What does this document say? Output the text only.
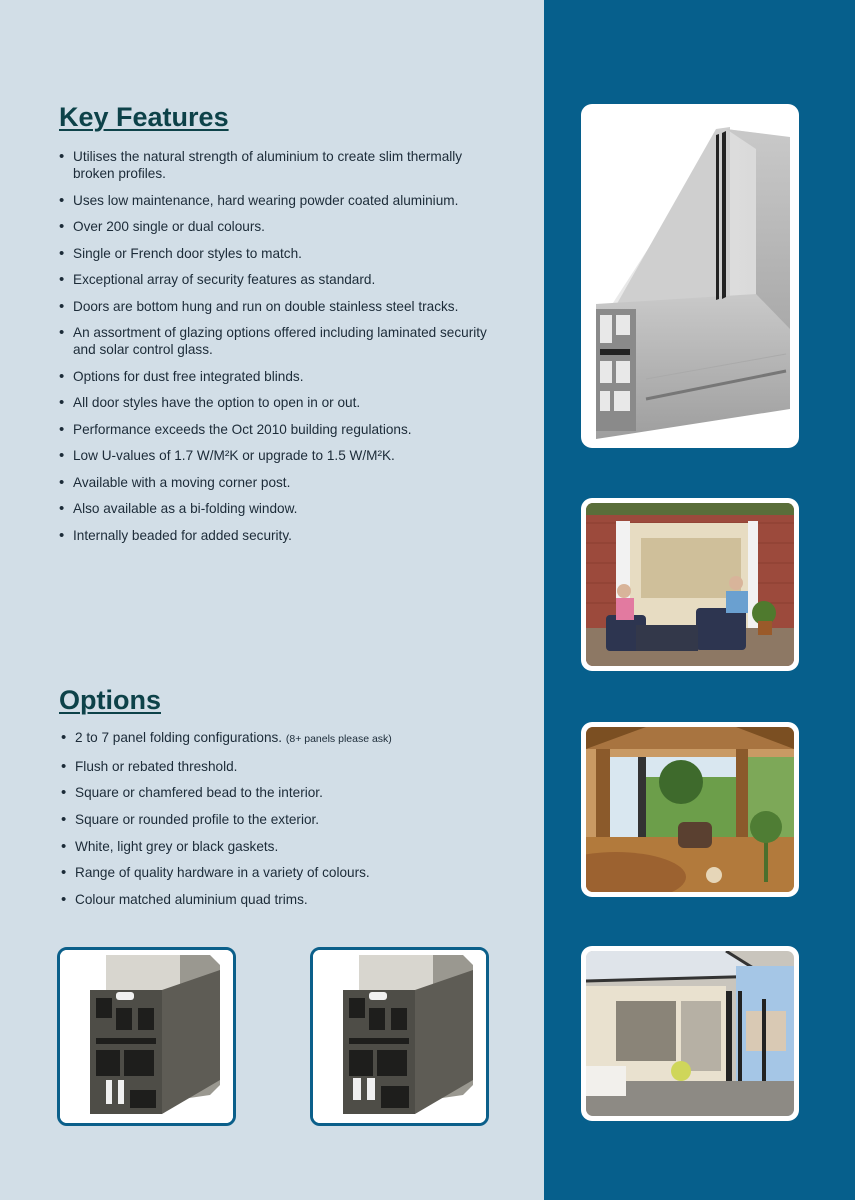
Key Features
• Utilises the natural strength of aluminium to create slim thermally broken profiles.
• Uses low maintenance, hard wearing powder coated aluminium.
• Over 200 single or dual colours.
• Single or French door styles to match.
• Exceptional array of security features as standard.
• Doors are bottom hung and run on double stainless steel tracks.
• An assortment of glazing options offered including laminated security and solar control glass.
• Options for dust free integrated blinds.
• All door styles have the option to open in or out.
• Performance exceeds the Oct 2010 building regulations.
• Low U-values of 1.7 W/M²K or upgrade to 1.5 W/M²K.
• Available with a moving corner post.
• Also available as a bi-folding window.
• Internally beaded for added security.
Options
• 2 to 7 panel folding configurations. (8+ panels please ask)
• Flush or rebated threshold.
• Square or chamfered bead to the interior.
• Square or rounded profile to the exterior.
• White, light grey or black gaskets.
• Range of quality hardware in a variety of colours.
• Colour matched aluminium quad trims.
